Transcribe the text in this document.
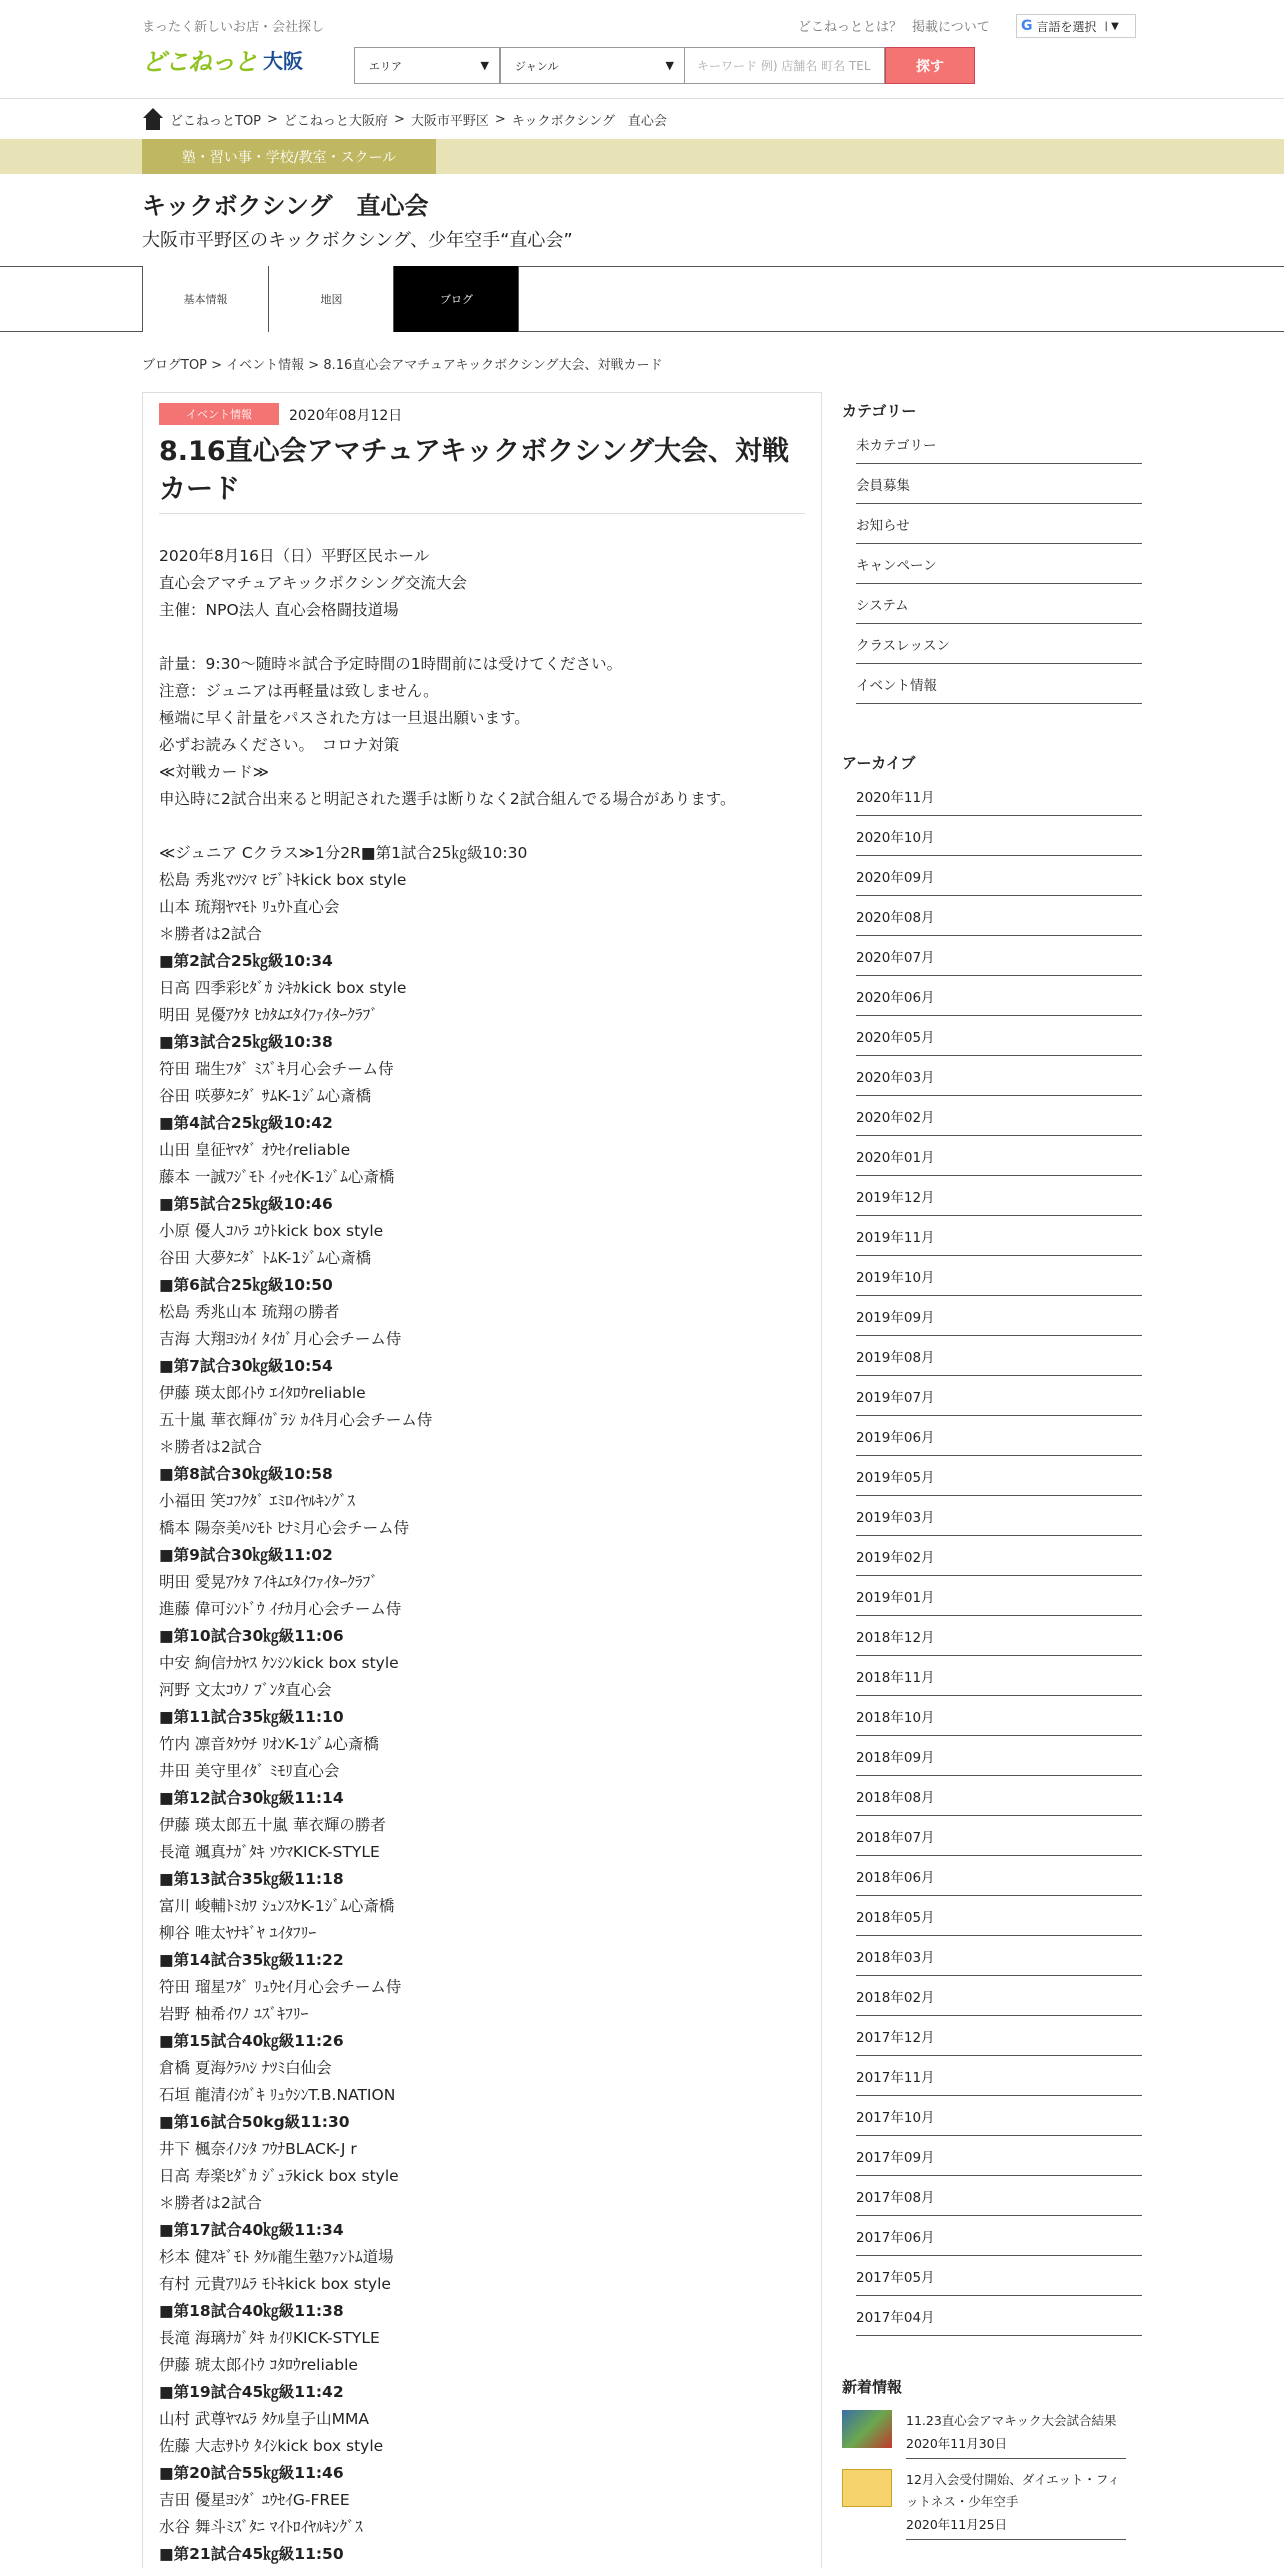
まったく新しいお店・会社探し
どこねっと 大阪
どこねっととは？ 掲載について G 言語を選択 | ▼
エリア	▼ ジャンル	▼	キーワード 例) 店舗名 町名 TEL	探す
どこねっとTOP > どこねっと大阪府 > 大阪市平野区 > キックボクシング　直心会
塾・習い事・学校/教室・スクール
キックボクシング　直心会
大阪市平野区のキックボクシング、少年空手“直心会”
基本情報	地図	ブログ
ブログTOP > イベント情報 > 8.16直心会アマチュアキックボクシング大会、対戦カード
イベント情報	2020年08月12日
8.16直心会アマチュアキックボクシング大会、対戦カード
2020年8月16日（日）平野区民ホール
直心会アマチュアキックボクシング交流大会
主催：NPO法人 直心会格闘技道場
計量：9:30～随時＊試合予定時間の1時間前には受けてください。
注意：ジュニアは再軽量は致しません。
極端に早く計量をパスされた方は一旦退出願います。
必ずお読みください。　コロナ対策
≪対戦カード≫
申込時に2試合出来ると明記された選手は断りなく2試合組んでる場合があります。
≪ジュニア Cクラス≫1分2R■第1試合25㎏級10:30
松島 秀兆ﾏﾂｼﾏ ﾋﾃﾞﾄｷkick box style
山本 琉翔ﾔﾏﾓﾄ ﾘｭｳﾄ直心会
＊勝者は2試合
■第2試合25㎏級10:34
日高 四季彩ﾋﾀﾞｶ ｼｷｶkick box style
明田 晃優ｱｹﾀ ﾋｶﾀﾑｴﾀｲﾌｧｲﾀｰｸﾗﾌﾞ
■第3試合25㎏級10:38
符田 瑞生ﾌﾀﾞ ﾐｽﾞｷ月心会チーム侍
谷田 咲夢ﾀﾆﾀﾞ ｻﾑK-1ｼﾞﾑ心斎橋
■第4試合25㎏級10:42
山田 皇征ﾔﾏﾀﾞ ｵｳｾｲreliable
藤本 一誠ﾌｼﾞﾓﾄ ｲｯｾｲK-1ｼﾞﾑ心斎橋
■第5試合25㎏級10:46
小原 優人ｺﾊﾗ ﾕｳﾄkick box style
谷田 大夢ﾀﾆﾀﾞ ﾄﾑK-1ｼﾞﾑ心斎橋
■第6試合25㎏級10:50
松島 秀兆山本 琉翔の勝者
吉海 大翔ﾖｼｶｲ ﾀｲｶﾞ月心会チーム侍
■第7試合30㎏級10:54
伊藤 瑛太郎ｲﾄｳ ｴｲﾀﾛｳreliable
五十嵐 華衣輝ｲｶﾞﾗｼ ｶｲｷ月心会チーム侍
＊勝者は2試合
■第8試合30㎏級10:58
小福田 笑ｺﾌｸﾀﾞ ｴﾐﾛｲﾔﾙｷﾝｸﾞｽ
橋本 陽奈美ﾊｼﾓﾄ ﾋﾅﾐ月心会チーム侍
■第9試合30㎏級11:02
明田 愛晃ｱｹﾀ ｱｲｷﾑｴﾀｲﾌｧｲﾀｰｸﾗﾌﾞ
進藤 偉可ｼﾝﾄﾞｳ ｲﾁｶ月心会チーム侍
■第10試合30㎏級11:06
中安 絢信ﾅｶﾔｽ ｹﾝｼﾝkick box style
河野 文太ｺｳﾉ ﾌﾞﾝﾀ直心会
■第11試合35㎏級11:10
竹内 凛音ﾀｹｳﾁ ﾘｵﾝK-1ｼﾞﾑ心斎橋
井田 美守里ｲﾀﾞ ﾐﾓﾘ直心会
■第12試合30㎏級11:14
伊藤 瑛太郎五十嵐 華衣輝の勝者
長滝 颯真ﾅｶﾞﾀｷ ｿｳﾏKICK-STYLE
■第13試合35㎏級11:18
富川 峻輔ﾄﾐｶﾜ ｼｭﾝｽｹK-1ｼﾞﾑ心斎橋
柳谷 唯太ﾔﾅｷﾞﾔ ﾕｲﾀﾌﾘｰ
■第14試合35㎏級11:22
符田 瑠星ﾌﾀﾞ ﾘｭｳｾｲ月心会チーム侍
岩野 柚希ｲﾜﾉ ﾕｽﾞｷﾌﾘｰ
■第15試合40㎏級11:26
倉橋 夏海ｸﾗﾊｼ ﾅﾂﾐ白仙会
石垣 龍清ｲｼｶﾞｷ ﾘｭｳｼﾝT.B.NATION
■第16試合50kg級11:30
井下 楓奈ｲﾉｼﾀ ﾌｳﾅBLACK-J r
日高 寿楽ﾋﾀﾞｶ ｼﾞｭﾗkick box style
＊勝者は2試合
■第17試合40㎏級11:34
杉本 健ｽｷﾞﾓﾄ ﾀｹﾙ龍生塾ﾌｧﾝﾄﾑ道場
有村 元貴ｱﾘﾑﾗ ﾓﾄｷkick box style
■第18試合40㎏級11:38
長滝 海璃ﾅｶﾞﾀｷ ｶｲﾘKICK-STYLE
伊藤 琥太郎ｲﾄｳ ｺﾀﾛｳreliable
■第19試合45㎏級11:42
山村 武尊ﾔﾏﾑﾗ ﾀｹﾙ皇子山MMA
佐藤 大志ｻﾄｳ ﾀｲｼkick box style
■第20試合55㎏級11:46
吉田 優星ﾖｼﾀﾞ ﾕｳｾｲG-FREE
水谷 舞斗ﾐｽﾞﾀﾆ ﾏｲﾄﾛｲﾔﾙｷﾝｸﾞｽ
■第21試合45㎏級11:50
カテゴリー
未カテゴリー
会員募集
お知らせ
キャンペーン
システム
クラスレッスン
イベント情報
アーカイブ
2020年11月
2020年10月
2020年09月
2020年08月
2020年07月
2020年06月
2020年05月
2020年03月
2020年02月
2020年01月
2019年12月
2019年11月
2019年10月
2019年09月
2019年08月
2019年07月
2019年06月
2019年05月
2019年03月
2019年02月
2019年01月
2018年12月
2018年11月
2018年10月
2018年09月
2018年08月
2018年07月
2018年06月
2018年05月
2018年03月
2018年02月
2017年12月
2017年11月
2017年10月
2017年09月
2017年08月
2017年06月
2017年05月
2017年04月
新着情報
11.23直心会アマキック大会試合結果
2020年11月30日
12月入会受付開始、ダイエット・フィットネス・少年空手
2020年11月25日
